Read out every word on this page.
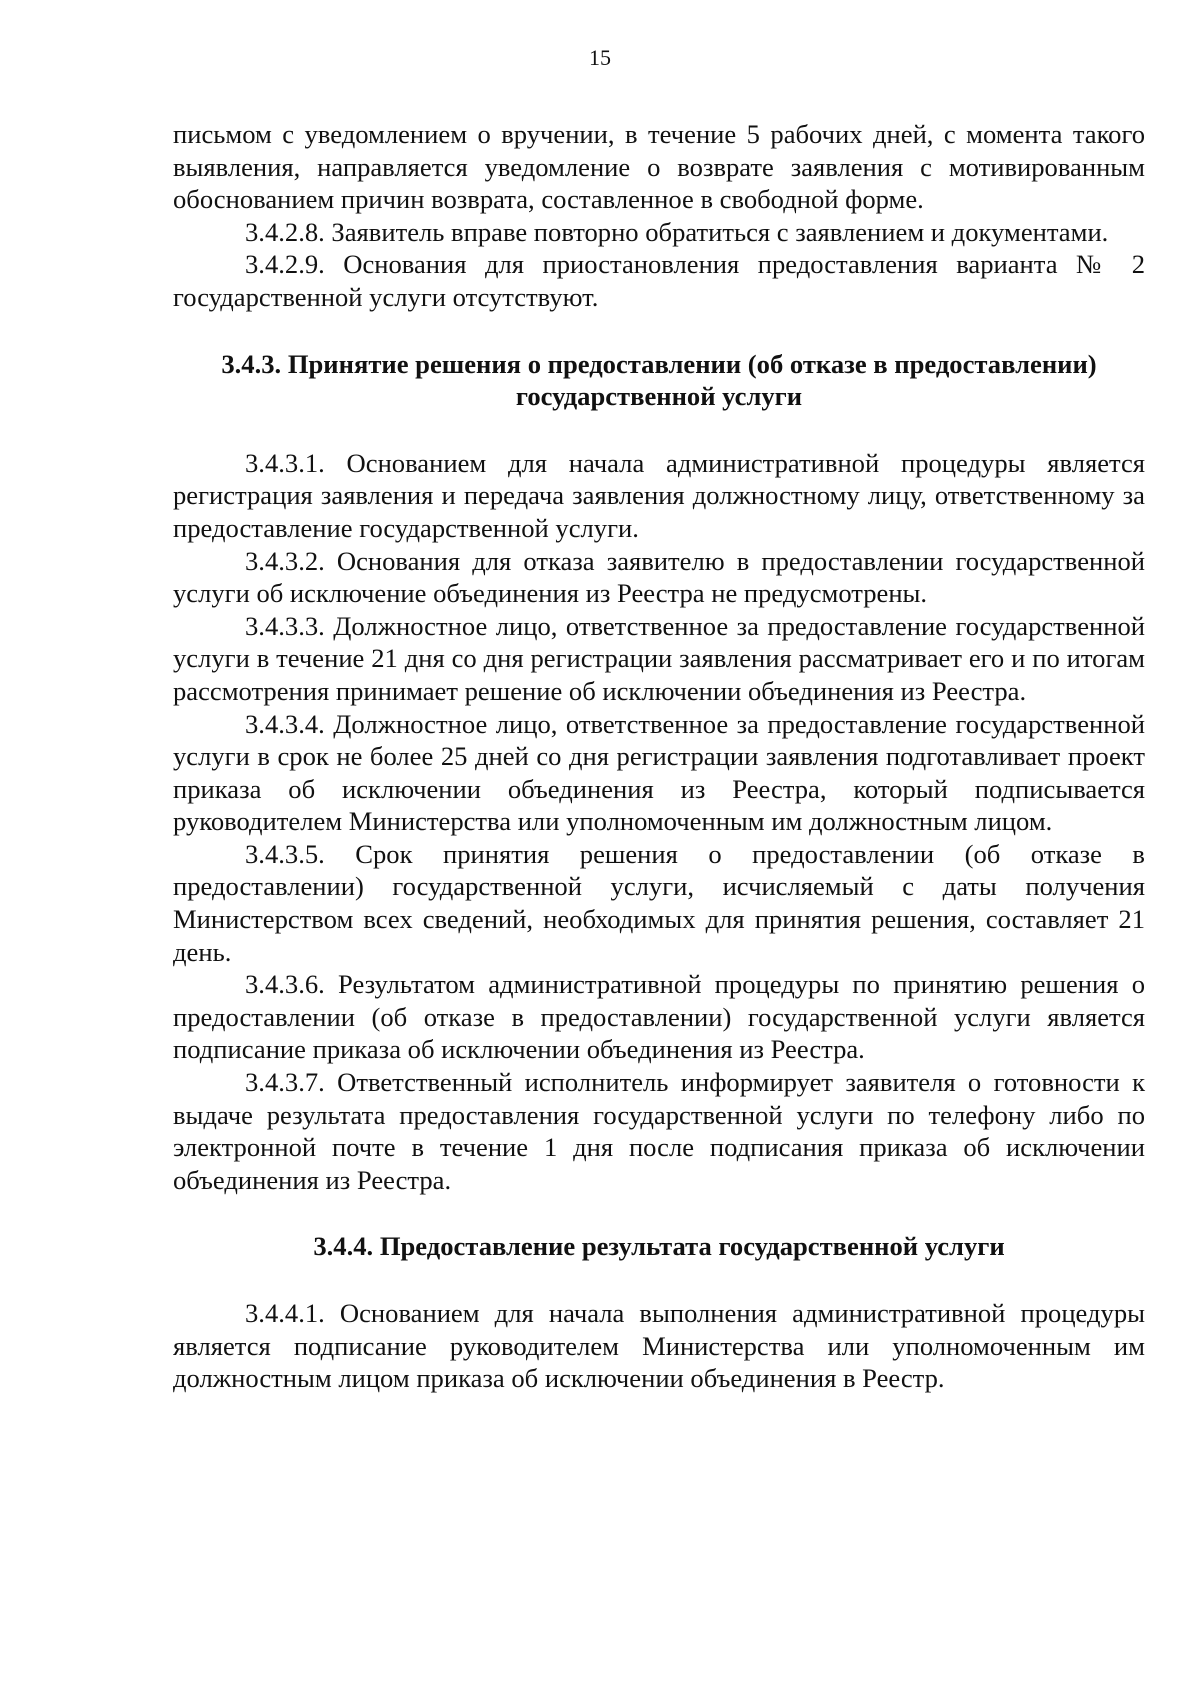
15

письмом с уведомлением о вручении, в течение 5 рабочих дней, с момента такого выявления, направляется уведомление о возврате заявления с мотивированным обоснованием причин возврата, составленное в свободной форме.

3.4.2.8. Заявитель вправе повторно обратиться с заявлением и документами.

3.4.2.9. Основания для приостановления предоставления варианта № 2 государственной услуги отсутствуют.

3.4.3. Принятие решения о предоставлении (об отказе в предоставлении)
государственной услуги

3.4.3.1. Основанием для начала административной процедуры является регистрация заявления и передача заявления должностному лицу, ответственному за предоставление государственной услуги.

3.4.3.2. Основания для отказа заявителю в предоставлении государственной услуги об исключение объединения из Реестра не предусмотрены.

3.4.3.3. Должностное лицо, ответственное за предоставление государственной услуги в течение 21 дня со дня регистрации заявления рассматривает его и по итогам рассмотрения принимает решение об исключении объединения из Реестра.

3.4.3.4. Должностное лицо, ответственное за предоставление государственной услуги в срок не более 25 дней со дня регистрации заявления подготавливает проект приказа об исключении объединения из Реестра, который подписывается руководителем Министерства или уполномоченным им должностным лицом.

3.4.3.5. Срок принятия решения о предоставлении (об отказе в предоставлении) государственной услуги, исчисляемый с даты получения Министерством всех сведений, необходимых для принятия решения, составляет 21 день.

3.4.3.6. Результатом административной процедуры по принятию решения о предоставлении (об отказе в предоставлении) государственной услуги является подписание приказа об исключении объединения из Реестра.

3.4.3.7. Ответственный исполнитель информирует заявителя о готовности к выдаче результата предоставления государственной услуги по телефону либо по электронной почте в течение 1 дня после подписания приказа об исключении объединения из Реестра.

3.4.4. Предоставление результата государственной услуги

3.4.4.1. Основанием для начала выполнения административной процедуры является подписание руководителем Министерства или уполномоченным им должностным лицом приказа об исключении объединения в Реестр.
